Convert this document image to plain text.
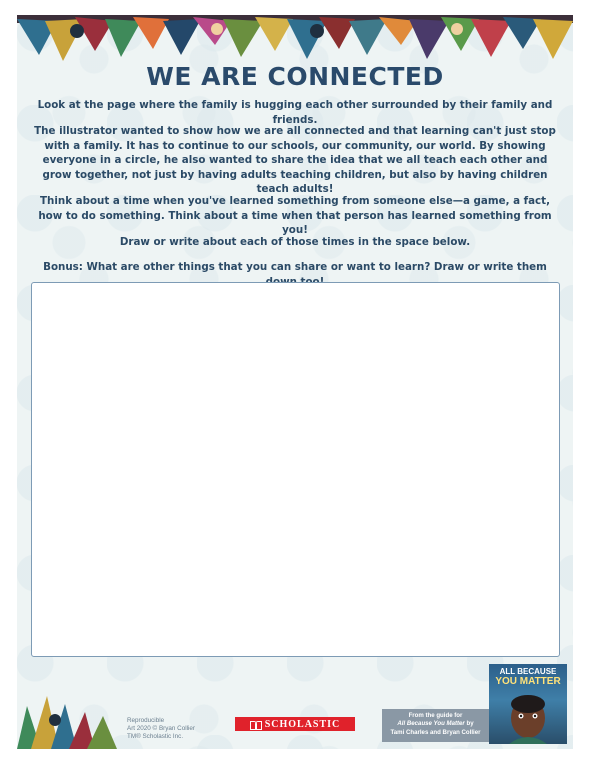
WE ARE CONNECTED

Look at the page where the family is hugging each other surrounded by their family and friends.

The illustrator wanted to show how we are all connected and that learning can't just stop with a family. It has to continue to our schools, our community, our world. By showing everyone in a circle, he also wanted to share the idea that we all teach each other and grow together, not just by having adults teaching children, but also by having children teach adults!

Think about a time when you've learned something from someone else—a game, a fact, how to do something. Think about a time when that person has learned something from you!

Draw or write about each of those times in the space below.

Bonus: What are other things that you can share or want to learn? Draw or write them

Reproducible
Art 2020 © Bryan Collier
TM® Scholastic Inc.
SCHOLASTIC
From the guide for
All Because You Matter by
Tami Charles and Bryan Collier
ALL BECAUSE
YOU MATTER
